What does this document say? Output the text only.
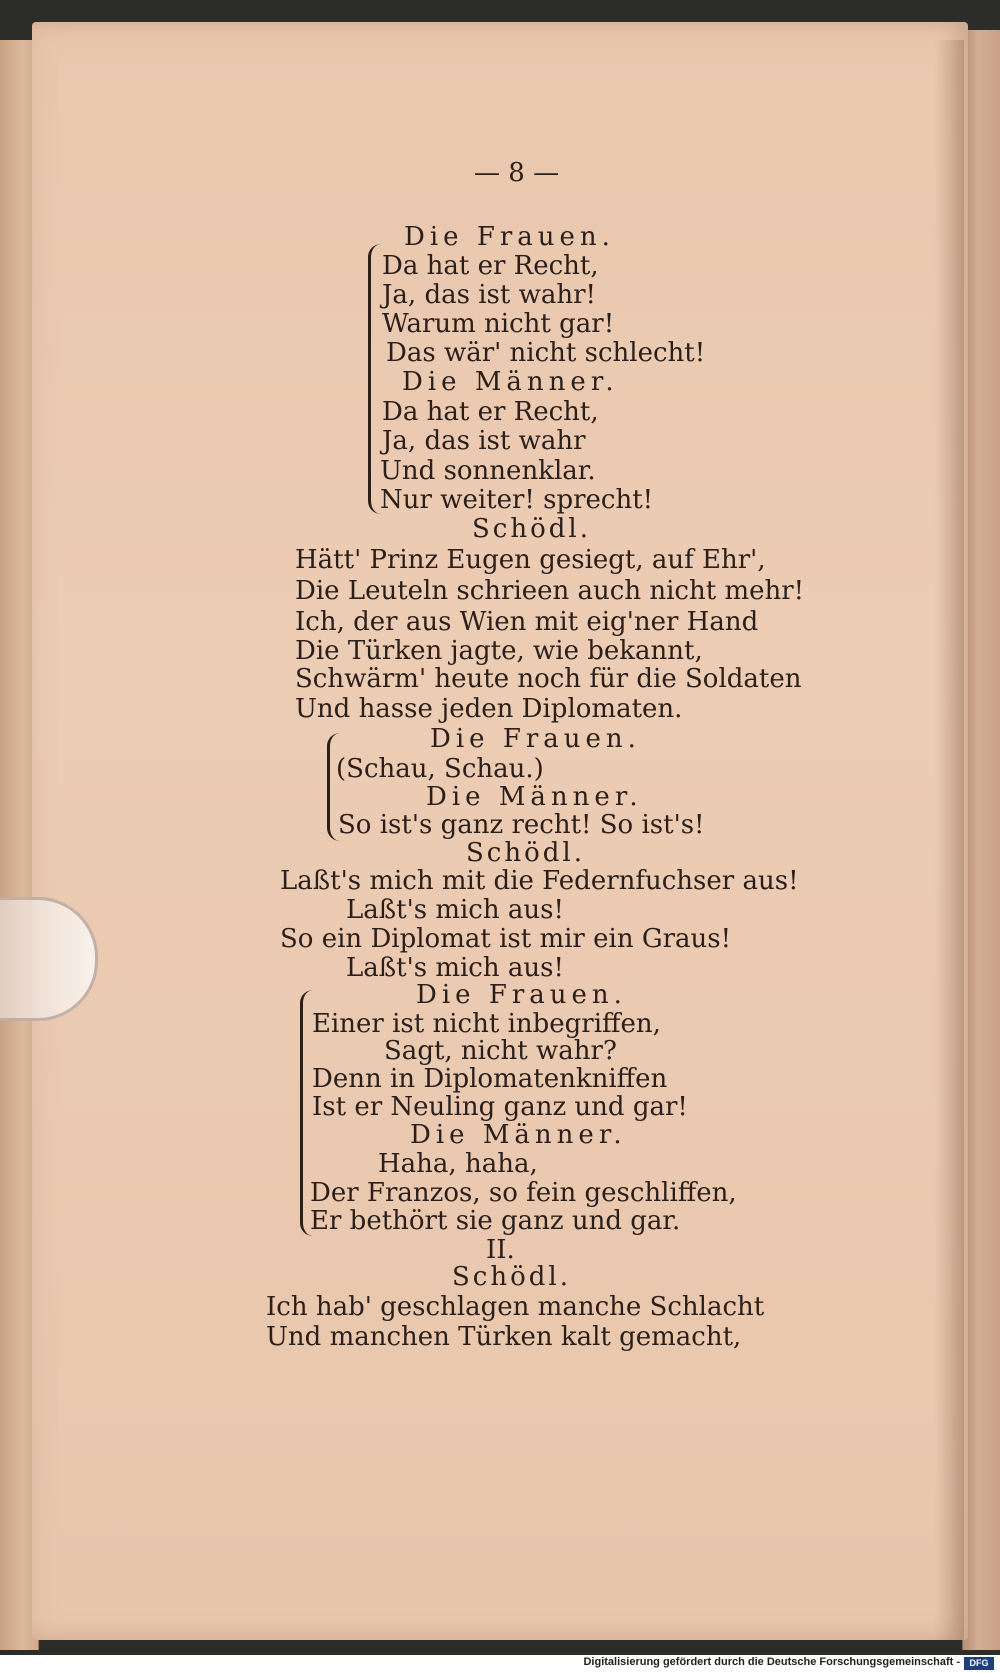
— 8 —
Die Frauen.
Da hat er Recht,
Ja, das ist wahr!
Warum nicht gar!
Das wär' nicht schlecht!
Die Männer.
Da hat er Recht,
Ja, das ist wahr
Und sonnenklar.
Nur weiter! sprecht!
Schödl.
Hätt' Prinz Eugen gesiegt, auf Ehr',
Die Leuteln schrieen auch nicht mehr!
Ich, der aus Wien mit eig'ner Hand
Die Türken jagte, wie bekannt,
Schwärm' heute noch für die Soldaten
Und hasse jeden Diplomaten.
Die Frauen.
(Schau, Schau.)
Die Männer.
So ist's ganz recht! So ist's!
Schödl.
Laßt's mich mit die Federnfuchser aus!
Laßt's mich aus!
So ein Diplomat ist mir ein Graus!
Laßt's mich aus!
Die Frauen.
Einer ist nicht inbegriffen,
Sagt, nicht wahr?
Denn in Diplomatenkniffen
Ist er Neuling ganz und gar!
Die Männer.
Haha, haha,
Der Franzos, so fein geschliffen,
Er bethört sie ganz und gar.
II.
Schödl.
Ich hab' geschlagen manche Schlacht
Und manchen Türken kalt gemacht,
Digitalisierung gefördert durch die Deutsche Forschungsgemeinschaft -	DFG
